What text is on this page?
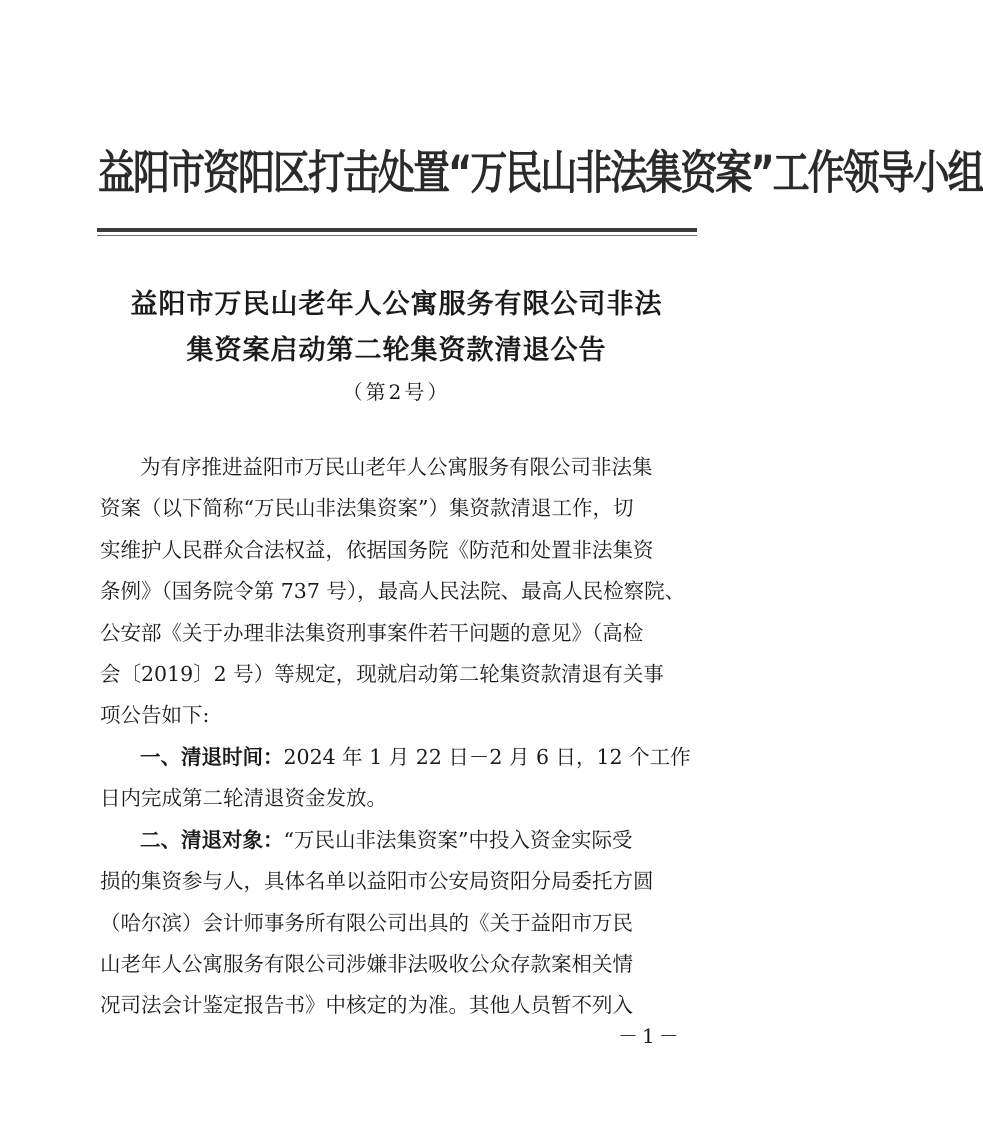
益阳市资阳区打击处置“万民山非法集资案”工作领导小组
益阳市万民山老年人公寓服务有限公司非法
集资案启动第二轮集资款清退公告
（第2号）
为有序推进益阳市万民山老年人公寓服务有限公司非法集
资案（以下简称“万民山非法集资案”）集资款清退工作，切
实维护人民群众合法权益，依据国务院《防范和处置非法集资
条例》（国务院令第 737 号），最高人民法院、最高人民检察院、
公安部《关于办理非法集资刑事案件若干问题的意见》（高检
会〔2019〕2 号）等规定，现就启动第二轮集资款清退有关事
项公告如下:
一、清退时间：2024 年 1 月 22 日－2 月 6 日，12 个工作
日内完成第二轮清退资金发放。
二、清退对象：“万民山非法集资案”中投入资金实际受
损的集资参与人，具体名单以益阳市公安局资阳分局委托方圆
（哈尔滨）会计师事务所有限公司出具的《关于益阳市万民
山老年人公寓服务有限公司涉嫌非法吸收公众存款案相关情
况司法会计鉴定报告书》中核定的为准。其他人员暂不列入
－1－
